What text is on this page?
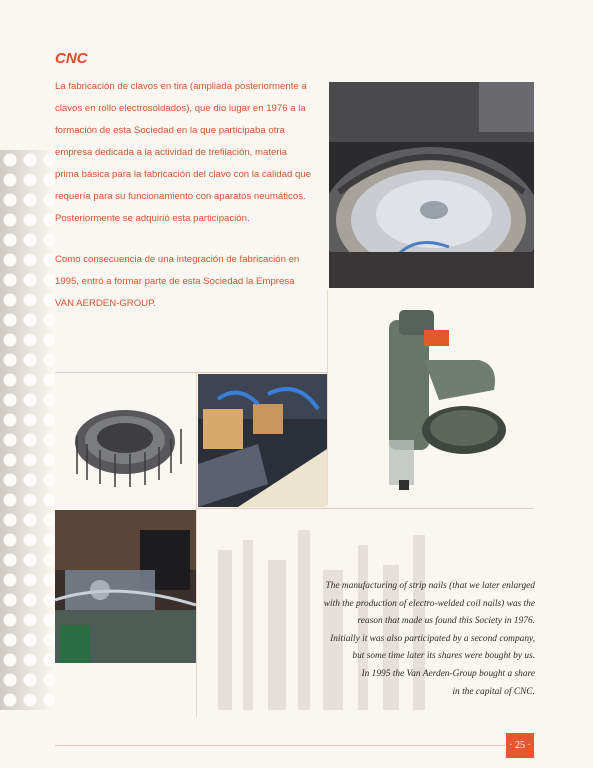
CNC

La fabricación de clavos en tira (ampliada posteriormente a clavos en rollo electrosoldados), que dio lugar en 1976 a la formación de esta Sociedad en la que participaba otra empresa dedicada a la actividad de trefilación, materia prima básica para la fabricación del clavo con la calidad que requería para su funcionamiento con aparatos neumáticos. Posteriormente se adquirió esta participación.

Como consecuencia de una integración de fabricación en 1995, entró a formar parte de esta Sociedad la Empresa VAN AERDEN-GROUP.

The manufacturing of strip nails (that we later enlarged

with the production of electro-welded coil nails) was the

reason that made us found this Society in 1976.

Initially it was also participated by a second company,

but some time later its shares were bought by us.

In 1995 the Van Aerden-Group bought a share

in the capital of CNC.

· 25 ·
